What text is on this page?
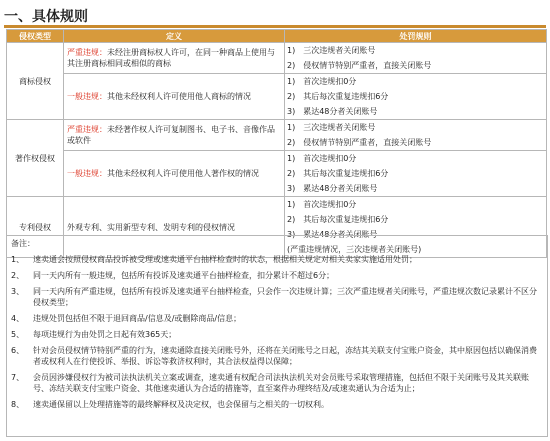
一、具体规则
侵权类型	定义	处罚规则
商标侵权	严重违规：未经注册商标权人许可，在同一种商品上使用与其注册商标相同或相似的商标	1)　三次违规者关闭账号
2)　侵权情节特别严重者，直接关闭账号

	一般违规：其他未经权利人许可使用他人商标的情况	1)　首次违规扣0分
2)　其后每次重复违规扣6分
3)　累达48分者关闭账号

著作权侵权	严重违规：未经著作权人许可复制图书、电子书、音像作品或软件	1)　三次违规者关闭账号
2)　侵权情节特别严重者，直接关闭账号

	一般违规：其他未经权利人许可使用他人著作权的情况	1)　首次违规扣0分
2)　其后每次重复违规扣6分
3)　累达48分者关闭账号

专利侵权	外观专利、实用新型专利、发明专利的侵权情况	1)　首次违规扣0分
2)　其后每次重复违规扣6分
3)　累达48分者关闭账号
(严重违规情况，三次违规者关闭账号)
备注：
1、	速卖通会按照侵权商品投诉被受理或速卖通平台抽样检查时的状态，根据相关规定对相关卖家实施适用处罚；
2、	同一天内所有一般违规，包括所有投诉及速卖通平台抽样检查，扣分累计不超过6分；
3、	同一天内所有严重违规，包括所有投诉及速卖通平台抽样检查，只会作一次违规计算；三次严重违规者关闭账号，严重违规次数记录累计不区分侵权类型；
4、	违规处罚包括但不限于退回商品/信息及/或删除商品/信息；
5、	每项违规行为由处罚之日起有效365天；
6、	针对会员侵权情节特别严重的行为，速卖通除直接关闭账号外，还将在关闭账号之日起，冻结其关联支付宝账户资金，其中原因包括以确保消费者或权利人在行使投诉、举报、诉讼等救济权利时，其合法权益得以保障；
7、	会员因涉嫌侵权行为被司法执法机关立案或调查，速卖通有权配合司法执法机关对会员账号采取管理措施，包括但不限于关闭账号及其关联账号、冻结关联支付宝账户资金、其他速卖通认为合适的措施等，直至案件办理终结及/或速卖通认为合适为止；
8、	速卖通保留以上处理措施等的最终解释权及决定权，也会保留与之相关的一切权利。
